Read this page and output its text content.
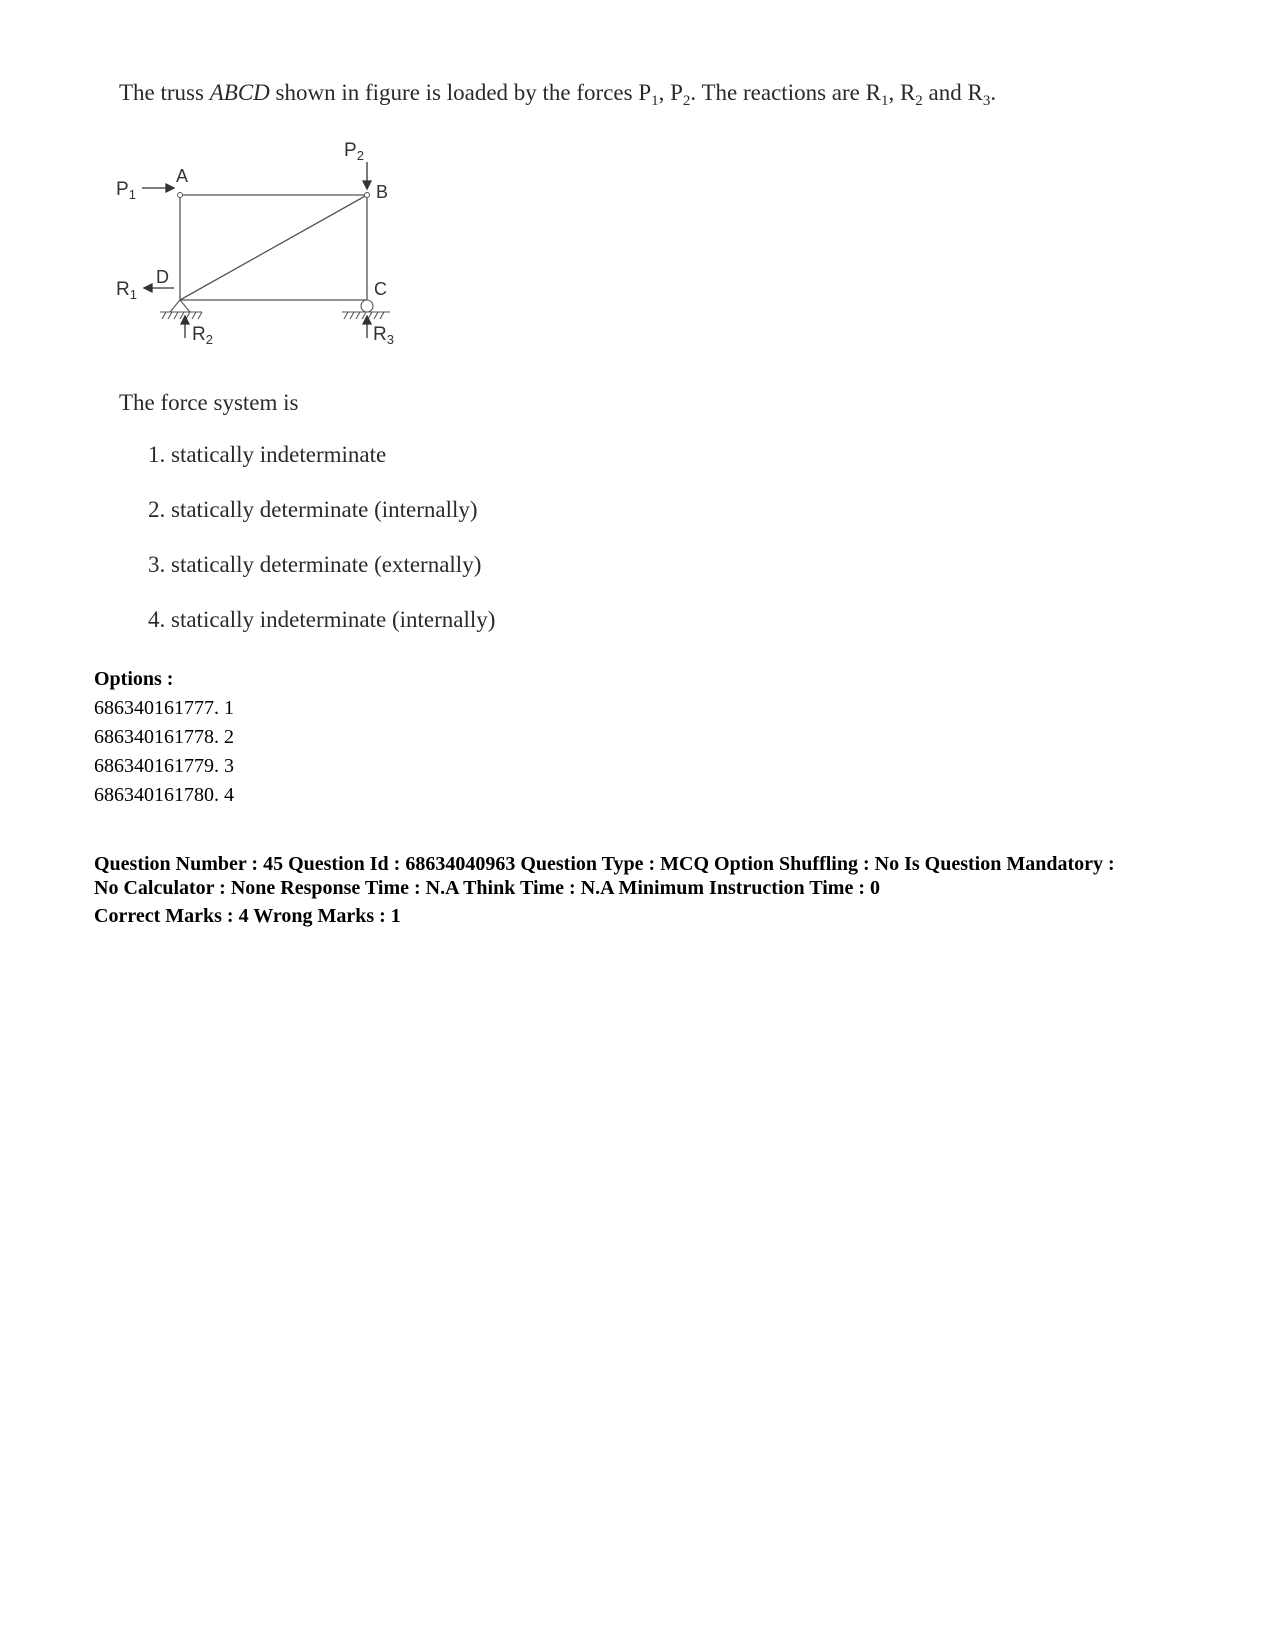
The truss ABCD shown in figure is loaded by the forces $P_1$, $P_2$. The reactions are $R_1$, $R_2$ and $R_3$.
$P_1$
A
$P_2$
B
$R_1$
D
C
$R_2$	$R_3$
The force system is
1. statically indeterminate
2. statically determinate (internally)
3. statically determinate (externally)
4. statically indeterminate (internally)
Options :
686340161777. 1
686340161778. 2
686340161779. 3
686340161780. 4
Question Number : 45 Question Id : 68634040963 Question Type : MCQ Option Shuffling : No Is Question Mandatory :
No Calculator : None Response Time : N.A Think Time : N.A Minimum Instruction Time : 0
Correct Marks : 4 Wrong Marks : 1
